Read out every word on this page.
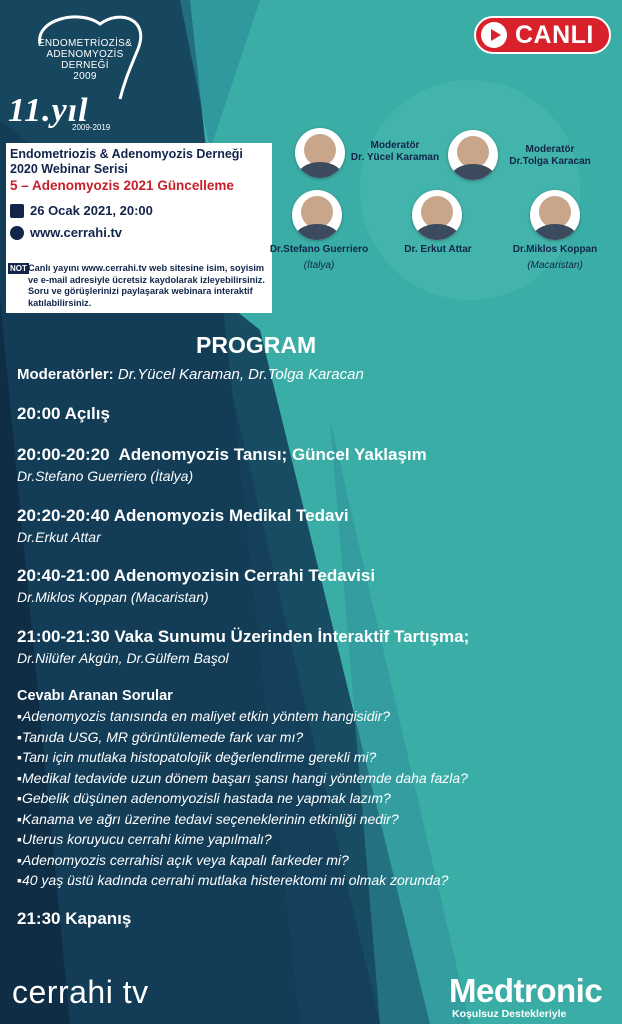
ENDOMETRİOZİS&
ADENOMYOZİS
DERNEĞİ
2009
11.yıl
2009-2019
CANLI
Endometriozis & Adenomyozis Derneği
2020 Webinar Serisi
5 – Adenomyozis 2021 Güncelleme
26 Ocak 2021, 20:00
www.cerrahi.tv
NOT Canlı yayını www.cerrahi.tv web sitesine isim, soyisim ve e-mail adresiyle ücretsiz kaydolarak izleyebilirsiniz. Soru ve görüşlerinizi paylaşarak webinara interaktif katılabilirsiniz.
Moderatör
Dr. Yücel Karaman
Moderatör
Dr.Tolga Karacan
Dr.Stefano Guerriero
(İtalya)
Dr. Erkut Attar	Dr.Miklos Koppan
(Macaristan)
PROGRAM
Moderatörler: Dr.Yücel Karaman, Dr.Tolga Karacan
20:00 Açılış
20:00-20:20 Adenomyozis Tanısı; Güncel Yaklaşım
Dr.Stefano Guerriero (İtalya)
20:20-20:40 Adenomyozis Medikal Tedavi
Dr.Erkut Attar
20:40-21:00 Adenomyozisin Cerrahi Tedavisi
Dr.Miklos Koppan (Macaristan)
21:00-21:30 Vaka Sunumu Üzerinden İnteraktif Tartışma;
Dr.Nilüfer Akgün, Dr.Gülfem Başol
Cevabı Aranan Sorular
▪Adenomyozis tanısında en maliyet etkin yöntem hangisidir?
▪Tanıda USG, MR görüntülemede fark var mı?
▪Tanı için mutlaka histopatolojik değerlendirme gerekli mi?
▪Medikal tedavide uzun dönem başarı şansı hangi yöntemde daha fazla?
▪Gebelik düşünen adenomyozisli hastada ne yapmak lazım?
▪Kanama ve ağrı üzerine tedavi seçeneklerinin etkinliği nedir?
▪Uterus koruyucu cerrahi kime yapılmalı?
▪Adenomyozis cerrahisi açık veya kapalı farkeder mi?
▪40 yaş üstü kadında cerrahi mutlaka histerektomi mi olmak zorunda?
21:30 Kapanış
cerrahi tv	Medtronic
Koşulsuz Destekleriyle
